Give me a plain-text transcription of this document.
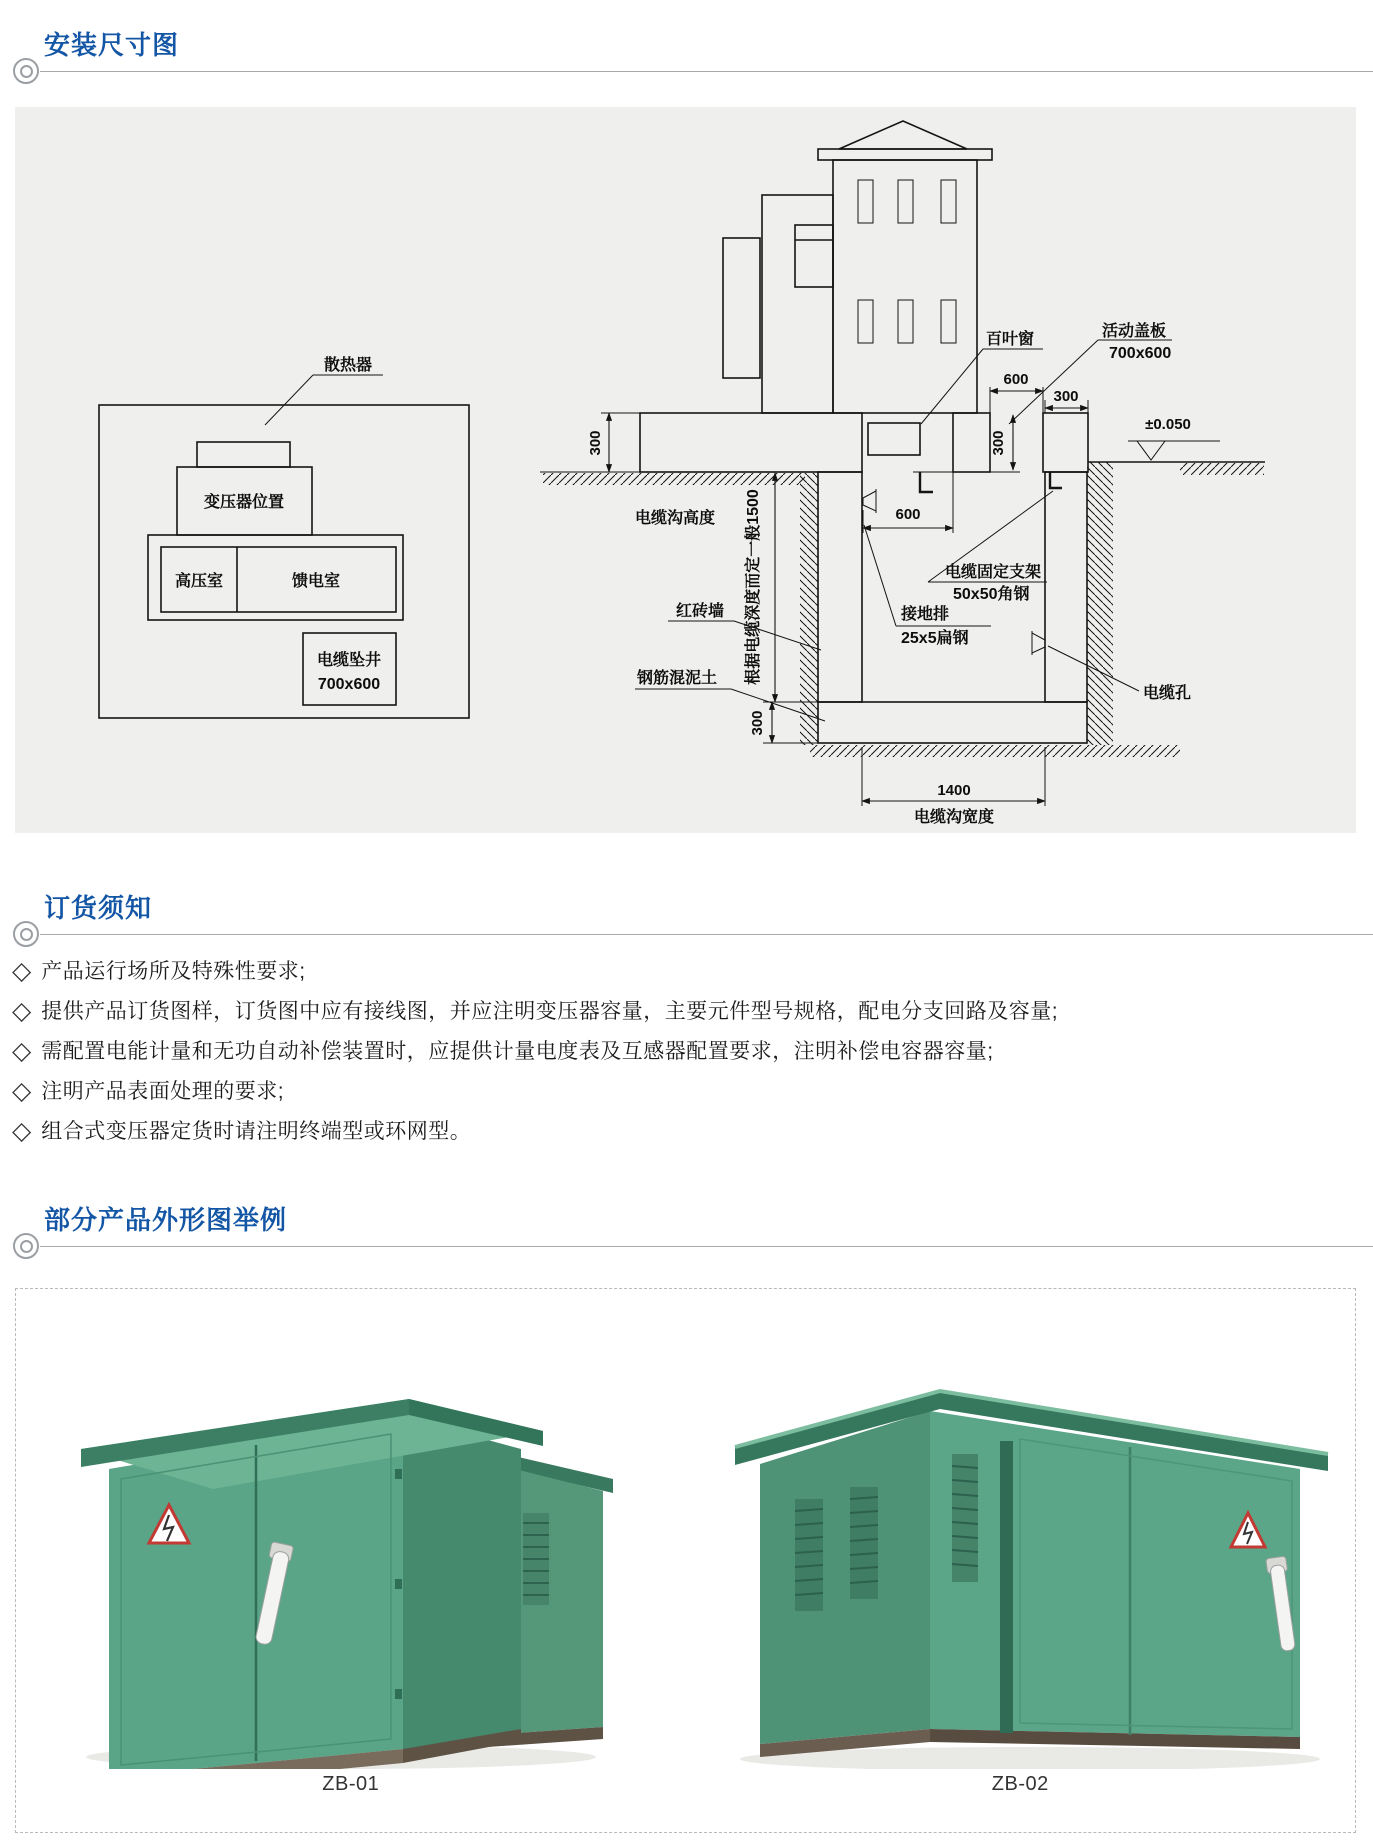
安装尺寸图
散热器
变压器位置
高压室	馈电室
电缆坠井
700x600
±0.050
600
300
300
300
根据电缆深度而定一般1500
电缆沟高度
300
1400
电缆沟宽度
600
百叶窗	活动盖板
700x600
电缆固定支架
50x50角钢
接地排
25x5扁钢
红砖墙
钢筋混泥土
电缆孔
订货须知
◇ 产品运行场所及特殊性要求;
◇ 提供产品订货图样，订货图中应有接线图，并应注明变压器容量，主要元件型号规格，配电分支回路及容量;
◇ 需配置电能计量和无功自动补偿装置时，应提供计量电度表及互感器配置要求，注明补偿电容器容量;
◇ 注明产品表面处理的要求;
◇ 组合式变压器定货时请注明终端型或环网型。
部分产品外形图举例
ZB-01	ZB-02
